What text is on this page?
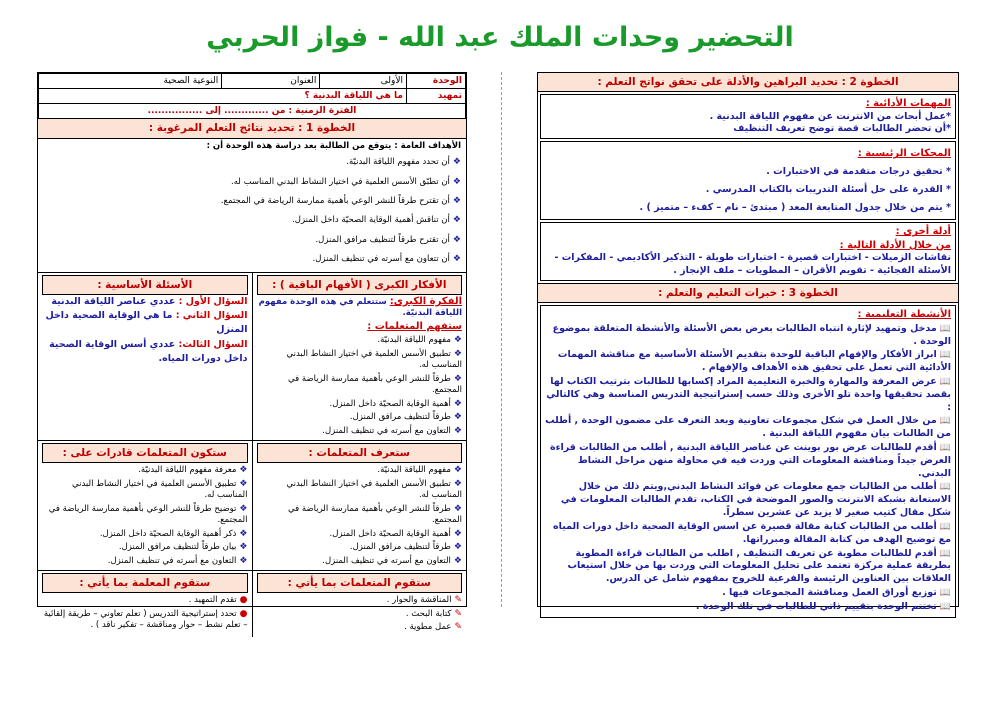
التحضير وحدات الملك عبد الله - فواز الحربي
الخطوة 2 : تحديد البراهين والأدلة على تحقق نواتج التعلم :
المهمات الأدائية :
*عمل أبحاث من الانترنت عن مفهوم اللياقة البدنية .
*أن تحضر الطالبات قصة توضح تعريف التنظيف
المحكات الرئيسية :
* تحقيق درجات متقدمة في الاختبارات .
* القدرة على حل أسئلة التدريبات بالكتاب المدرسي .
* يتم من خلال جدول المتابعة المعد ( مبتدئ – نام – كفء – متميز ) .
أدلة أخرى :
من خلال الأدلة التالية :
نقاشات الزميلات - اختبارات قصيرة - اختبارات طويلة - التذكير الأكاديمي - المفكرات - الأسئلة الفجائية - تقويم الأقران – المطويات – ملف الإنجاز .
الخطوة 3 : خبرات التعليم والتعلم :
الأنشطة التعليمية :
📖مدخل وتمهيد لإثارة انتباه الطالبات بعرض بعض الأسئلة والأنشطة المتعلقة بموضوع الوحدة .
📖ابراز الأفكار والإفهام الباقية للوحدة بتقديم الأسئلة الأساسية مع مناقشة المهمات الأدائية التي تعمل على تحقيق هذه الأهداف والإفهام .
📖عرض المعرفة والمهارة والخبرة التعليمية المراد إكسابها للطالبات بترتيب الكتاب لها بقصد تحقيقها واحدة تلو الأخرى وذلك حسب إستراتيجية التدريس المناسبة وهي كالتالي :
📖من خلال العمل في شكل مجموعات تعاونية وبعد التعرف على مضمون الوحدة , أطلب من الطالبات بيان مفهوم اللياقة البدنية .
📖أقدم للطالبات عرض بور بوينت عن عناصر اللياقة البدنية , أطلب من الطالبات قراءة العرض جيداً ومناقشة المعلومات التي وردت فيه في محاولة منهن مراحل النشاط البدني.
📖أطلب من الطالبات جمع معلومات عن فوائد النشاط البدني,ويتم ذلك من خلال الاستعانة بشبكة الانترنت والصور الموضحة في الكتاب، تقدم الطالبات المعلومات في شكل مقال كتيب صغير لا يزيد عن عشرين سطراً.
📖أطلب من الطالبات كتابة مقالة قصيرة عن اسس الوقاية الصحية داخل دورات المياه مع توضيح الهدف من كتابة المقالة ومبرراتها.
📖أقدم للطالبات مطوية عن تعريف التنظيف , اطلب من الطالبات قراءة المطوية بطريقة عملية مركزة تعتمد على تحليل المعلومات التي وردت بها من خلال استيعاب العلاقات بين العناوين الرئيسة والفرعية للخروج بمفهوم شامل عن الدرس.
📖توزيع أوراق العمل ومناقشة المجموعات فيها .
📖تختتم الوحدة بتقييم ذاتي للطالبات في تلك الوحدة .
الوحدة	الأولى	العنوان	النوعية الصحية
تمهيد	ما هي اللياقة البدنية ؟		
الفترة الزمنية : من ............. إلى ................			
الخطوة 1 : تحديد نتائج التعلم المرغوبة :
الأهداف العامة : يتوقع من الطالبة بعد دراسة هذه الوحدة أن :
❖أن تحدد مفهوم اللياقة البدنيّة.
❖أن تطبّق الأسس العلمية في اختيار النشاط البدني المناسب له.
❖أن تقترح طرقاً للنشر الوعي بأهمية ممارسة الرياضة في المجتمع.
❖أن تناقش أهمية الوقاية الصحيّة داخل المنزل.
❖أن تقترح طرقاً لتنظيف مرافق المنزل.
❖أن تتعاون مع أسرته في تنظيف المنزل.
الأفكار الكبرى ( الأفهام الباقية ) :
الفكرة الكبرى: ستتعلم في هذه الوحدة مفهوم اللياقة البدنيّة.
ستفهم المتعلمات :
❖مفهوم اللياقة البدنيّة.
❖تطبيق الأسس العلمية في اختيار النشاط البدني المناسب له.
❖طرقاً للنشر الوعي بأهمية ممارسة الرياضة في المجتمع.
❖أهمية الوقاية الصحيّة داخل المنزل.
❖طرقاً لتنظيف مرافق المنزل.
❖التعاون مع أسرته في تنظيف المنزل.
الأسئلة الأساسية :
السؤال الأول : عددي عناصر اللياقة البدنية
السؤال الثاني : ما هي الوقاية الصحية داخل المنزل
السؤال الثالث: عددي أسس الوقاية الصحية داخل دورات المياه.
ستعرف المتعلمات :
❖مفهوم اللياقة البدنيّة.
❖تطبيق الأسس العلمية في اختيار النشاط البدني المناسب له.
❖طرقاً للنشر الوعي بأهمية ممارسة الرياضة في المجتمع.
❖أهمية الوقاية الصحيّة داخل المنزل.
❖طرقاً لتنظيف مرافق المنزل.
❖التعاون مع أسرته في تنظيف المنزل.
ستكون المتعلمات قادرات على :
❖معرفة مفهوم اللياقة البدنيّة.
❖تطبيق الأسس العلمية في اختيار النشاط البدني المناسب له.
❖توضيح طرقاً للنشر الوعي بأهمية ممارسة الرياضة في المجتمع.
❖ذكر أهمية الوقاية الصحيّة داخل المنزل.
❖بيان طرقاً لتنظيف مرافق المنزل.
❖التعاون مع أسرته في تنظيف المنزل.
ستقوم المتعلمات بما يأتي :
✎المناقشة والحوار .
✎كتابة البحث .
✎عمل مطوية .
ستقوم المعلمة بما يأتي :
●تقدم التمهيد .
●تحدد إستراتيجية التدريس ( تعلم تعاوني – طريقة إلقائية – تعلم نشط – حوار ومناقشة – تفكير ناقد ) .
